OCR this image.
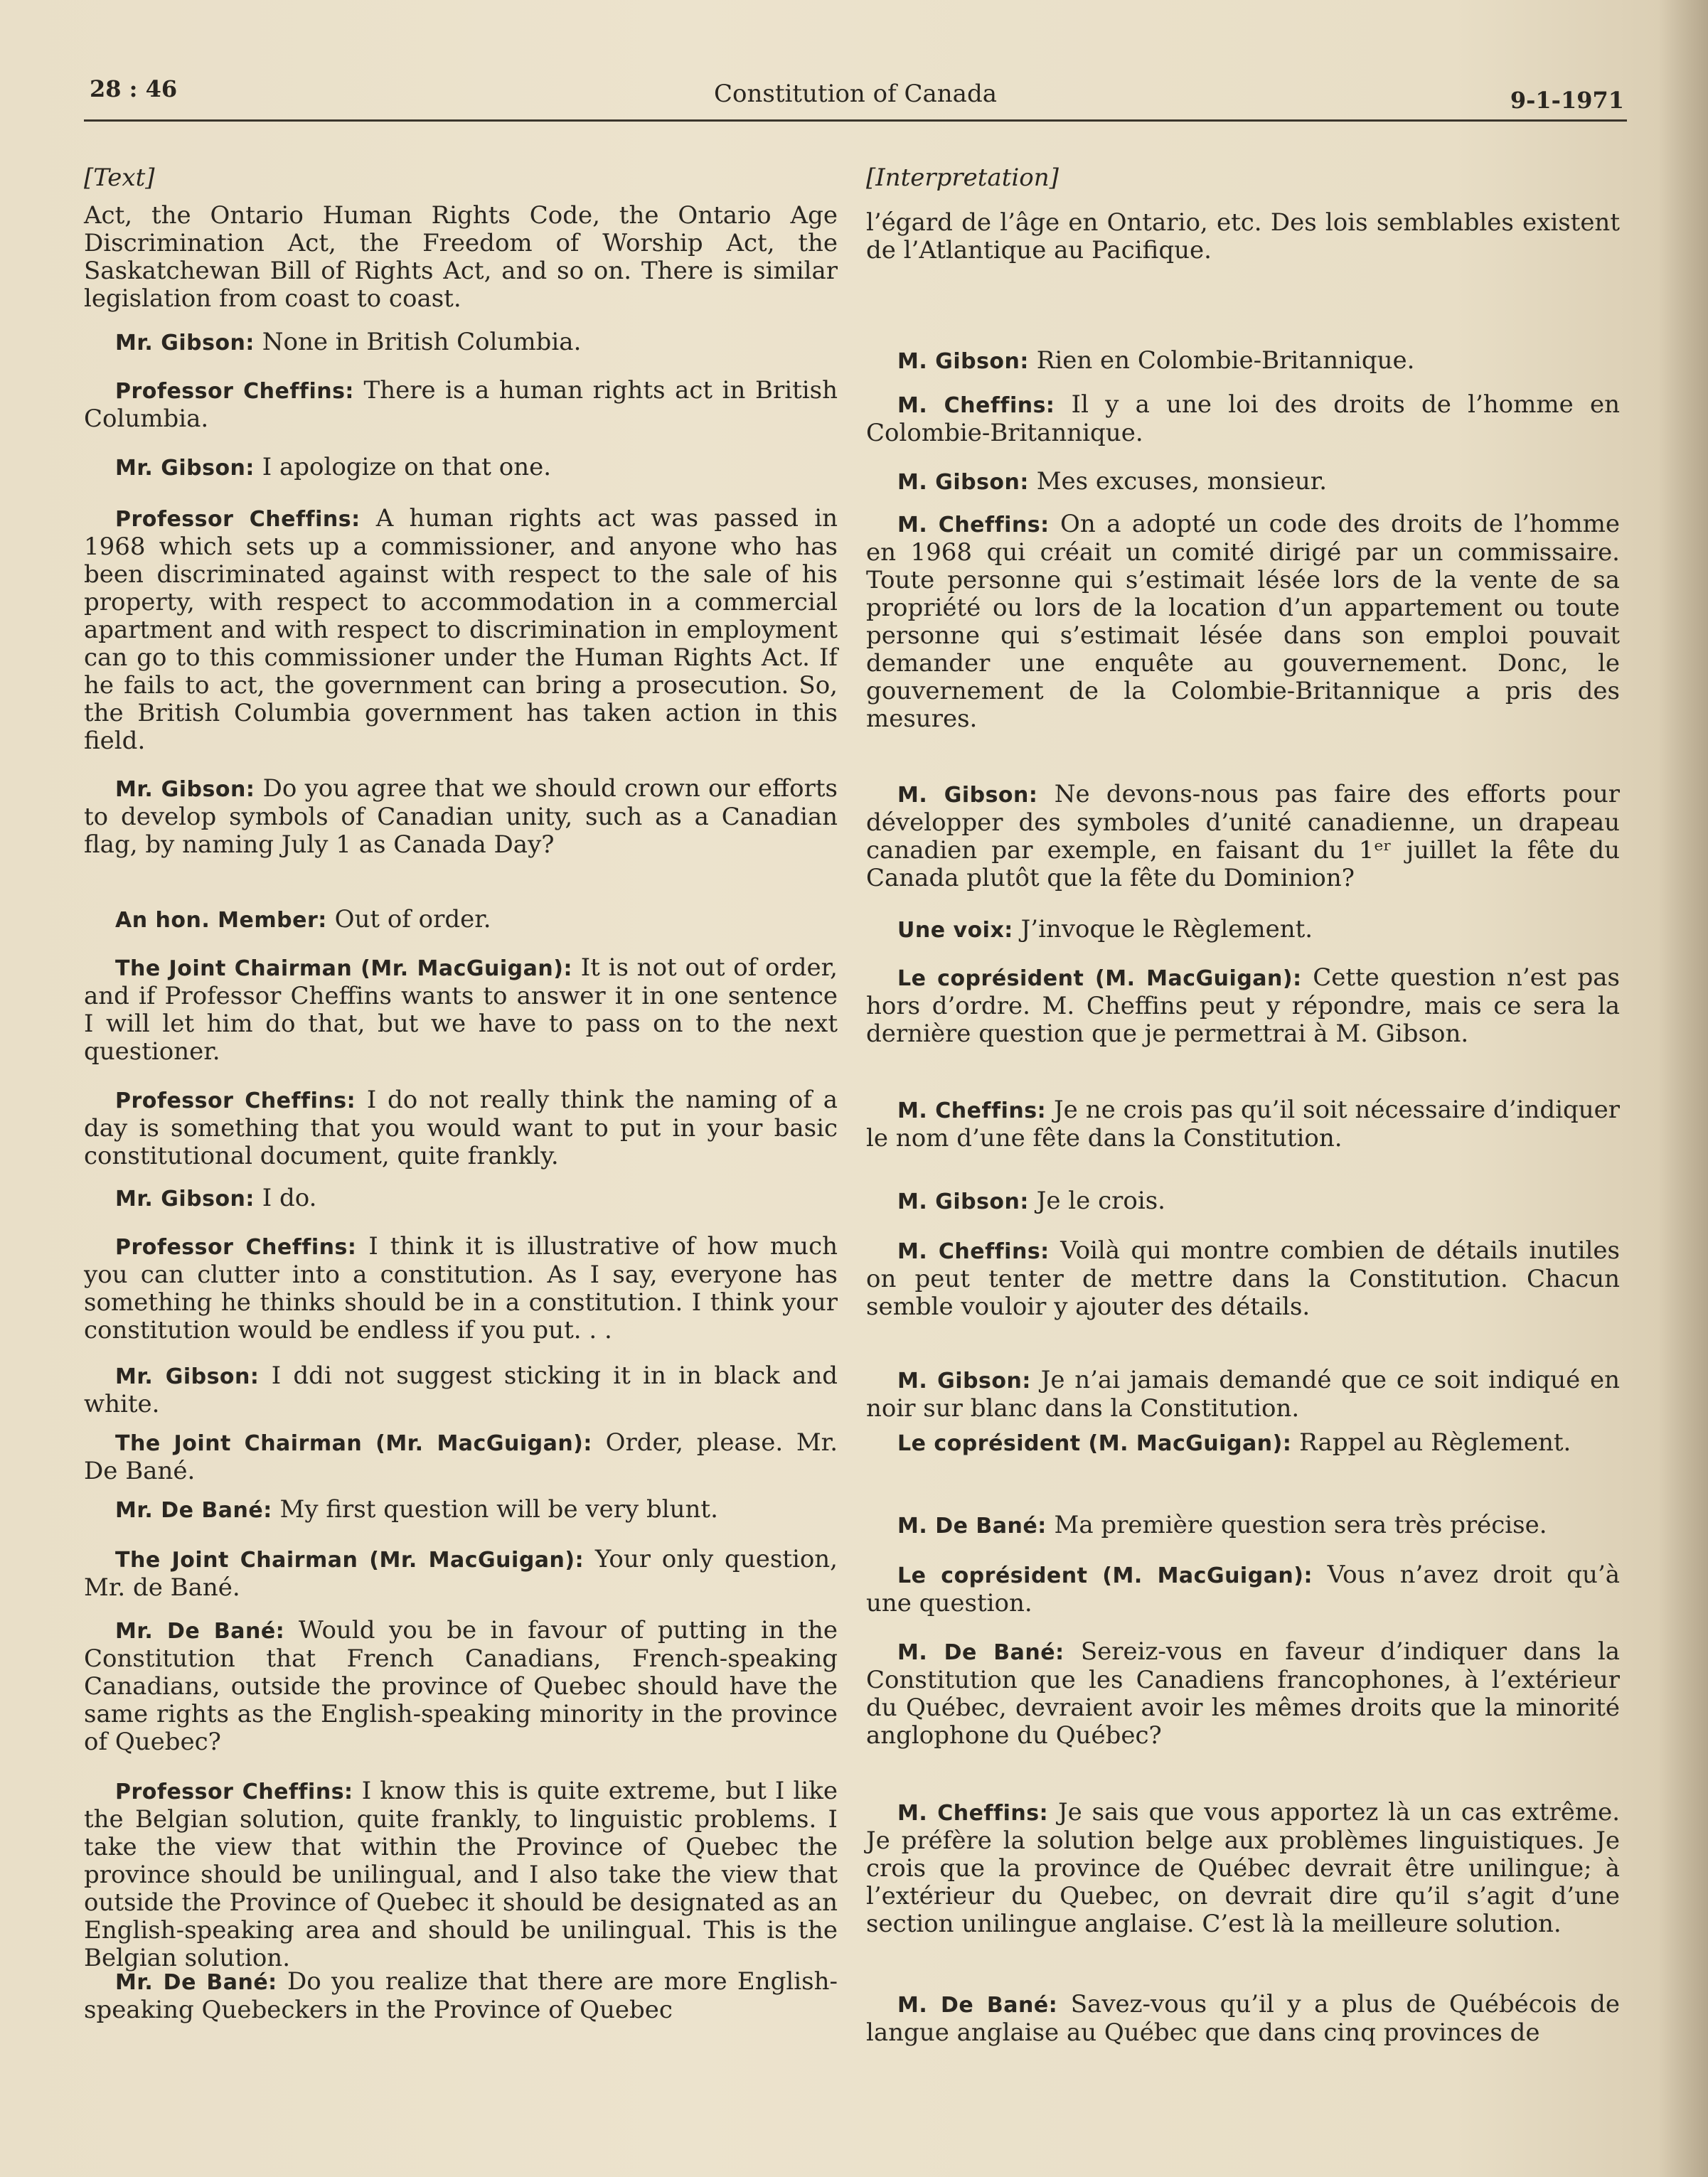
28 : 46	Constitution of Canada	9-1-1971
[Text]

Act, the Ontario Human Rights Code, the Ontario Age Discrimination Act, the Freedom of Worship Act, the Saskatchewan Bill of Rights Act, and so on. There is similar legislation from coast to coast.

Mr. Gibson: None in British Columbia.

Professor Cheffins: There is a human rights act in British Columbia.

Mr. Gibson: I apologize on that one.

Professor Cheffins: A human rights act was passed in 1968 which sets up a commissioner, and anyone who has been discriminated against with respect to the sale of his property, with respect to accommodation in a commercial apartment and with respect to discrimination in employment can go to this commissioner under the Human Rights Act. If he fails to act, the government can bring a prosecution. So, the British Columbia government has taken action in this field.

Mr. Gibson: Do you agree that we should crown our efforts to develop symbols of Canadian unity, such as a Canadian flag, by naming July 1 as Canada Day?

An hon. Member: Out of order.

The Joint Chairman (Mr. MacGuigan): It is not out of order, and if Professor Cheffins wants to answer it in one sentence I will let him do that, but we have to pass on to the next questioner.

Professor Cheffins: I do not really think the naming of a day is something that you would want to put in your basic constitutional document, quite frankly.

Mr. Gibson: I do.

Professor Cheffins: I think it is illustrative of how much you can clutter into a constitution. As I say, everyone has something he thinks should be in a constitution. I think your constitution would be endless if you put. . .

Mr. Gibson: I ddi not suggest sticking it in in black and white.

The Joint Chairman (Mr. MacGuigan): Order, please. Mr. De Bané.

Mr. De Bané: My first question will be very blunt.

The Joint Chairman (Mr. MacGuigan): Your only question, Mr. de Bané.

Mr. De Bané: Would you be in favour of putting in the Constitution that French Canadians, French-speaking Canadians, outside the province of Quebec should have the same rights as the English-speaking minority in the province of Quebec?

Professor Cheffins: I know this is quite extreme, but I like the Belgian solution, quite frankly, to linguistic problems. I take the view that within the Province of Quebec the province should be unilingual, and I also take the view that outside the Province of Quebec it should be designated as an English-speaking area and should be unilingual. This is the Belgian solution.

Mr. De Bané: Do you realize that there are more English-speaking Quebeckers in the Province of Quebec

[Interpretation]

l’égard de l’âge en Ontario, etc. Des lois semblables existent de l’Atlantique au Pacifique.

M. Gibson: Rien en Colombie-Britannique.

M. Cheffins: Il y a une loi des droits de l’homme en Colombie-Britannique.

M. Gibson: Mes excuses, monsieur.

M. Cheffins: On a adopté un code des droits de l’homme en 1968 qui créait un comité dirigé par un commissaire. Toute personne qui s’estimait lésée lors de la vente de sa propriété ou lors de la location d’un appartement ou toute personne qui s’estimait lésée dans son emploi pouvait demander une enquête au gouvernement. Donc, le gouvernement de la Colombie-Britannique a pris des mesures.

M. Gibson: Ne devons-nous pas faire des efforts pour développer des symboles d’unité canadienne, un drapeau canadien par exemple, en faisant du 1ᵉʳ juillet la fête du Canada plutôt que la fête du Dominion?

Une voix: J’invoque le Règlement.

Le coprésident (M. MacGuigan): Cette question n’est pas hors d’ordre. M. Cheffins peut y répondre, mais ce sera la dernière question que je permettrai à M. Gibson.

M. Cheffins: Je ne crois pas qu’il soit nécessaire d’indiquer le nom d’une fête dans la Constitution.

M. Gibson: Je le crois.

M. Cheffins: Voilà qui montre combien de détails inutiles on peut tenter de mettre dans la Constitution. Chacun semble vouloir y ajouter des détails.

M. Gibson: Je n’ai jamais demandé que ce soit indiqué en noir sur blanc dans la Constitution.

Le coprésident (M. MacGuigan): Rappel au Règlement.

M. De Bané: Ma première question sera très précise.

Le coprésident (M. MacGuigan): Vous n’avez droit qu’à une question.

M. De Bané: Sereiz-vous en faveur d’indiquer dans la Constitution que les Canadiens francophones, à l’extérieur du Québec, devraient avoir les mêmes droits que la minorité anglophone du Québec?

M. Cheffins: Je sais que vous apportez là un cas extrême. Je préfère la solution belge aux problèmes linguistiques. Je crois que la province de Québec devrait être unilingue; à l’extérieur du Quebec, on devrait dire qu’il s’agit d’une section unilingue anglaise. C’est là la meilleure solution.

M. De Bané: Savez-vous qu’il y a plus de Québécois de langue anglaise au Québec que dans cinq provinces de
